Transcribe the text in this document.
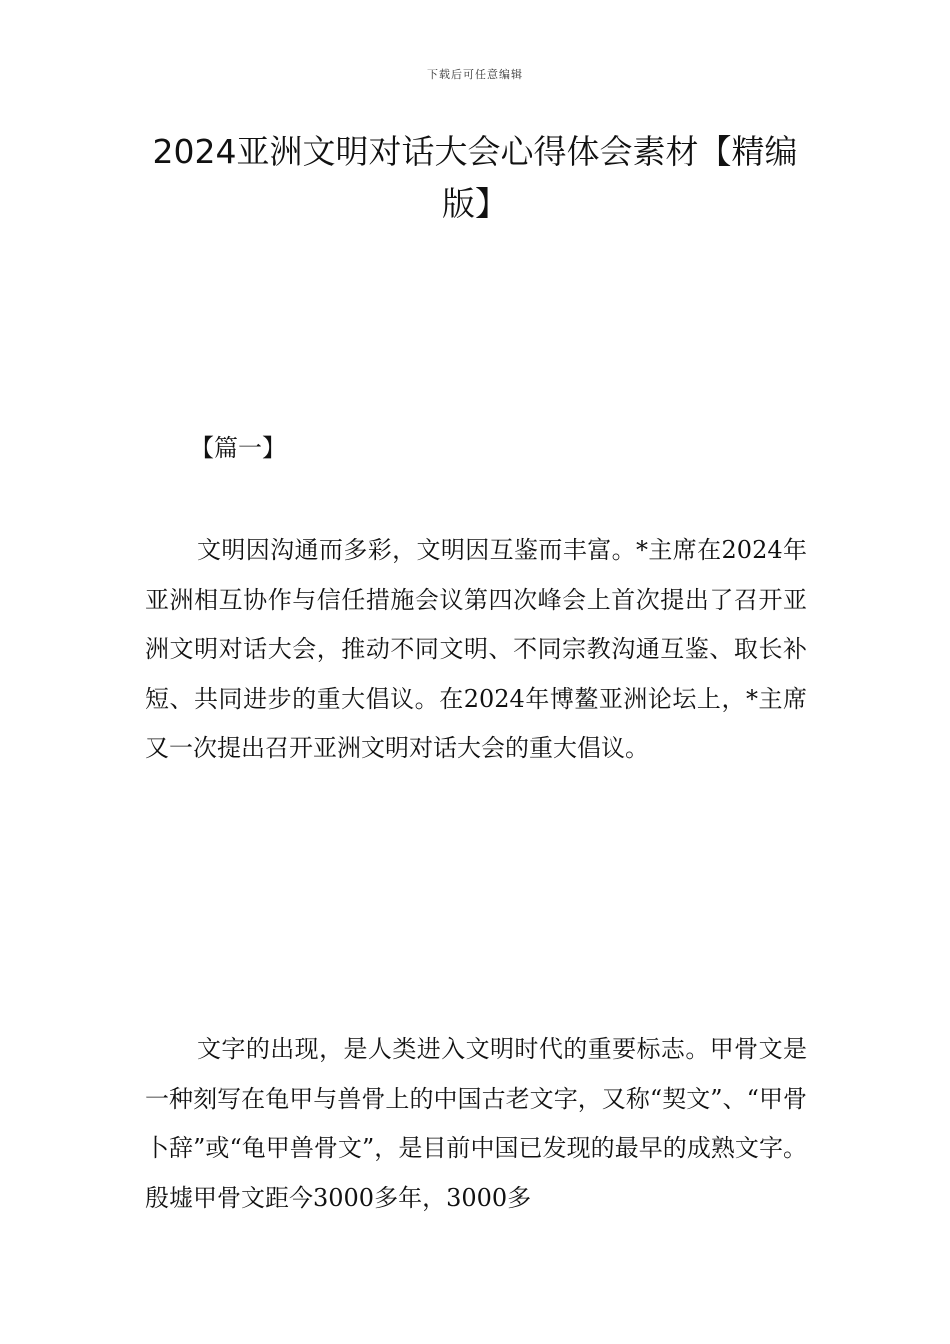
下载后可任意编辑
2024亚洲文明对话大会心得体会素材【精编版】
【篇一】

文明因沟通而多彩，文明因互鉴而丰富。*主席在2024年亚洲相互协作与信任措施会议第四次峰会上首次提出了召开亚洲文明对话大会，推动不同文明、不同宗教沟通互鉴、取长补短、共同进步的重大倡议。在2024年博鳌亚洲论坛上，*主席又一次提出召开亚洲文明对话大会的重大倡议。

文字的出现，是人类进入文明时代的重要标志。甲骨文是一种刻写在龟甲与兽骨上的中国古老文字，又称“契文”、“甲骨卜辞”或“龟甲兽骨文”，是目前中国已发现的最早的成熟文字。殷墟甲骨文距今3000多年，3000多
